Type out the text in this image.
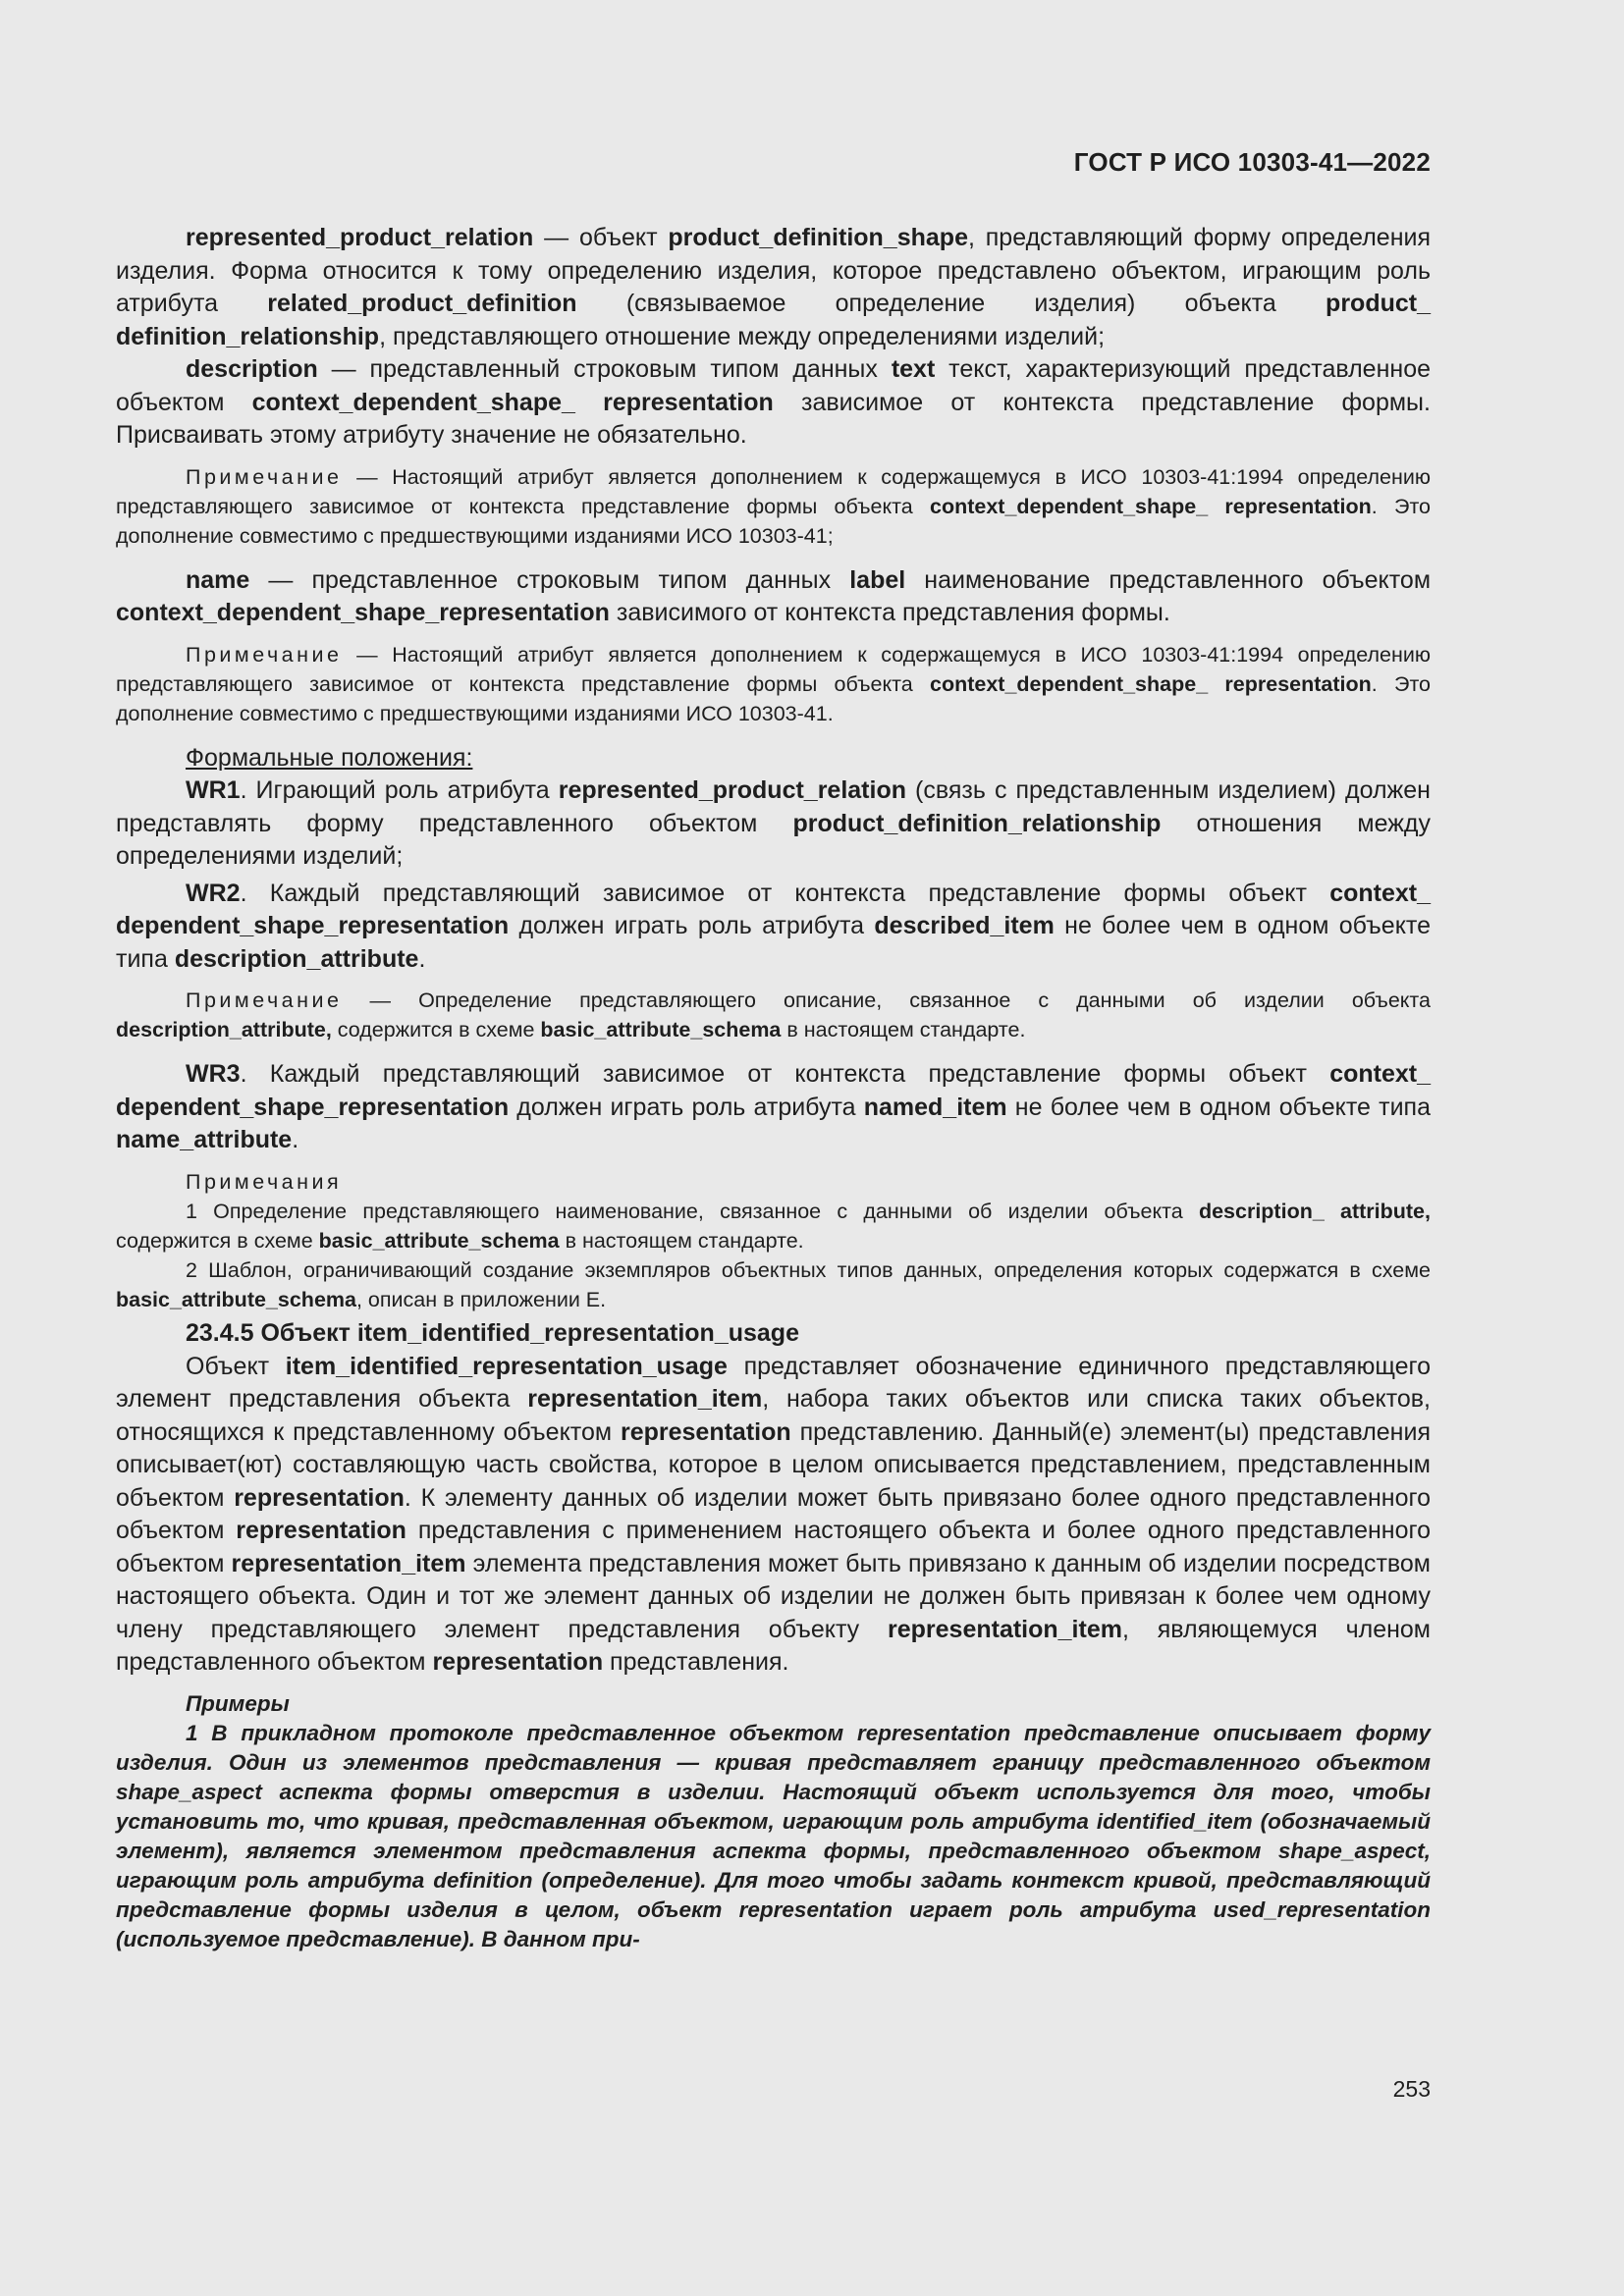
ГОСТ Р ИСО 10303-41—2022

represented_product_relation — объект product_definition_shape, представляющий форму определения изделия. Форма относится к тому определению изделия, которое представлено объектом, играющим роль атрибута related_product_definition (связываемое определение изделия) объекта product_ definition_relationship, представляющего отношение между определениями изделий;

description — представленный строковым типом данных text текст, характеризующий представленное объектом context_dependent_shape_ representation зависимое от контекста представление формы. Присваивать этому атрибуту значение не обязательно.

Примечание — Настоящий атрибут является дополнением к содержащемуся в ИСО 10303-41:1994 определению представляющего зависимое от контекста представление формы объекта context_dependent_shape_ representation. Это дополнение совместимо с предшествующими изданиями ИСО 10303-41;

name — представленное строковым типом данных label наименование представленного объектом context_dependent_shape_representation зависимого от контекста представления формы.

Примечание — Настоящий атрибут является дополнением к содержащемуся в ИСО 10303-41:1994 определению представляющего зависимое от контекста представление формы объекта context_dependent_shape_ representation. Это дополнение совместимо с предшествующими изданиями ИСО 10303-41.

Формальные положения:

WR1. Играющий роль атрибута represented_product_relation (связь с представленным изделием) должен представлять форму представленного объектом product_definition_relationship отношения между определениями изделий;

WR2. Каждый представляющий зависимое от контекста представление формы объект context_ dependent_shape_representation должен играть роль атрибута described_item не более чем в одном объекте типа description_attribute.

Примечание — Определение представляющего описание, связанное с данными об изделии объекта description_attribute, содержится в схеме basic_attribute_schema в настоящем стандарте.

WR3. Каждый представляющий зависимое от контекста представление формы объект context_ dependent_shape_representation должен играть роль атрибута named_item не более чем в одном объекте типа name_attribute.

Примечания

1 Определение представляющего наименование, связанное с данными об изделии объекта description_ attribute, содержится в схеме basic_attribute_schema в настоящем стандарте.

2 Шаблон, ограничивающий создание экземпляров объектных типов данных, определения которых содержатся в схеме basic_attribute_schema, описан в приложении Е.

23.4.5 Объект item_identified_representation_usage

Объект item_identified_representation_usage представляет обозначение единичного представляющего элемент представления объекта representation_item, набора таких объектов или списка таких объектов, относящихся к представленному объектом representation представлению. Данный(е) элемент(ы) представления описывает(ют) составляющую часть свойства, которое в целом описывается представлением, представленным объектом representation. К элементу данных об изделии может быть привязано более одного представленного объектом representation представления с применением настоящего объекта и более одного представленного объектом representation_item элемента представления может быть привязано к данным об изделии посредством настоящего объекта. Один и тот же элемент данных об изделии не должен быть привязан к более чем одному члену представляющего элемент представления объекту representation_item, являющемуся членом представленного объектом representation представления.

Примеры

1 В прикладном протоколе представленное объектом representation представление описывает форму изделия. Один из элементов представления — кривая представляет границу представленного объектом shape_aspect аспекта формы отверстия в изделии. Настоящий объект используется для того, чтобы установить то, что кривая, представленная объектом, играющим роль атрибута identified_item (обозначаемый элемент), является элементом представления аспекта формы, представленного объектом shape_aspect, играющим роль атрибута definition (определение). Для того чтобы задать контекст кривой, представляющий представление формы изделия в целом, объект representation играет роль атрибута used_representation (используемое представление). В данном при-

253
